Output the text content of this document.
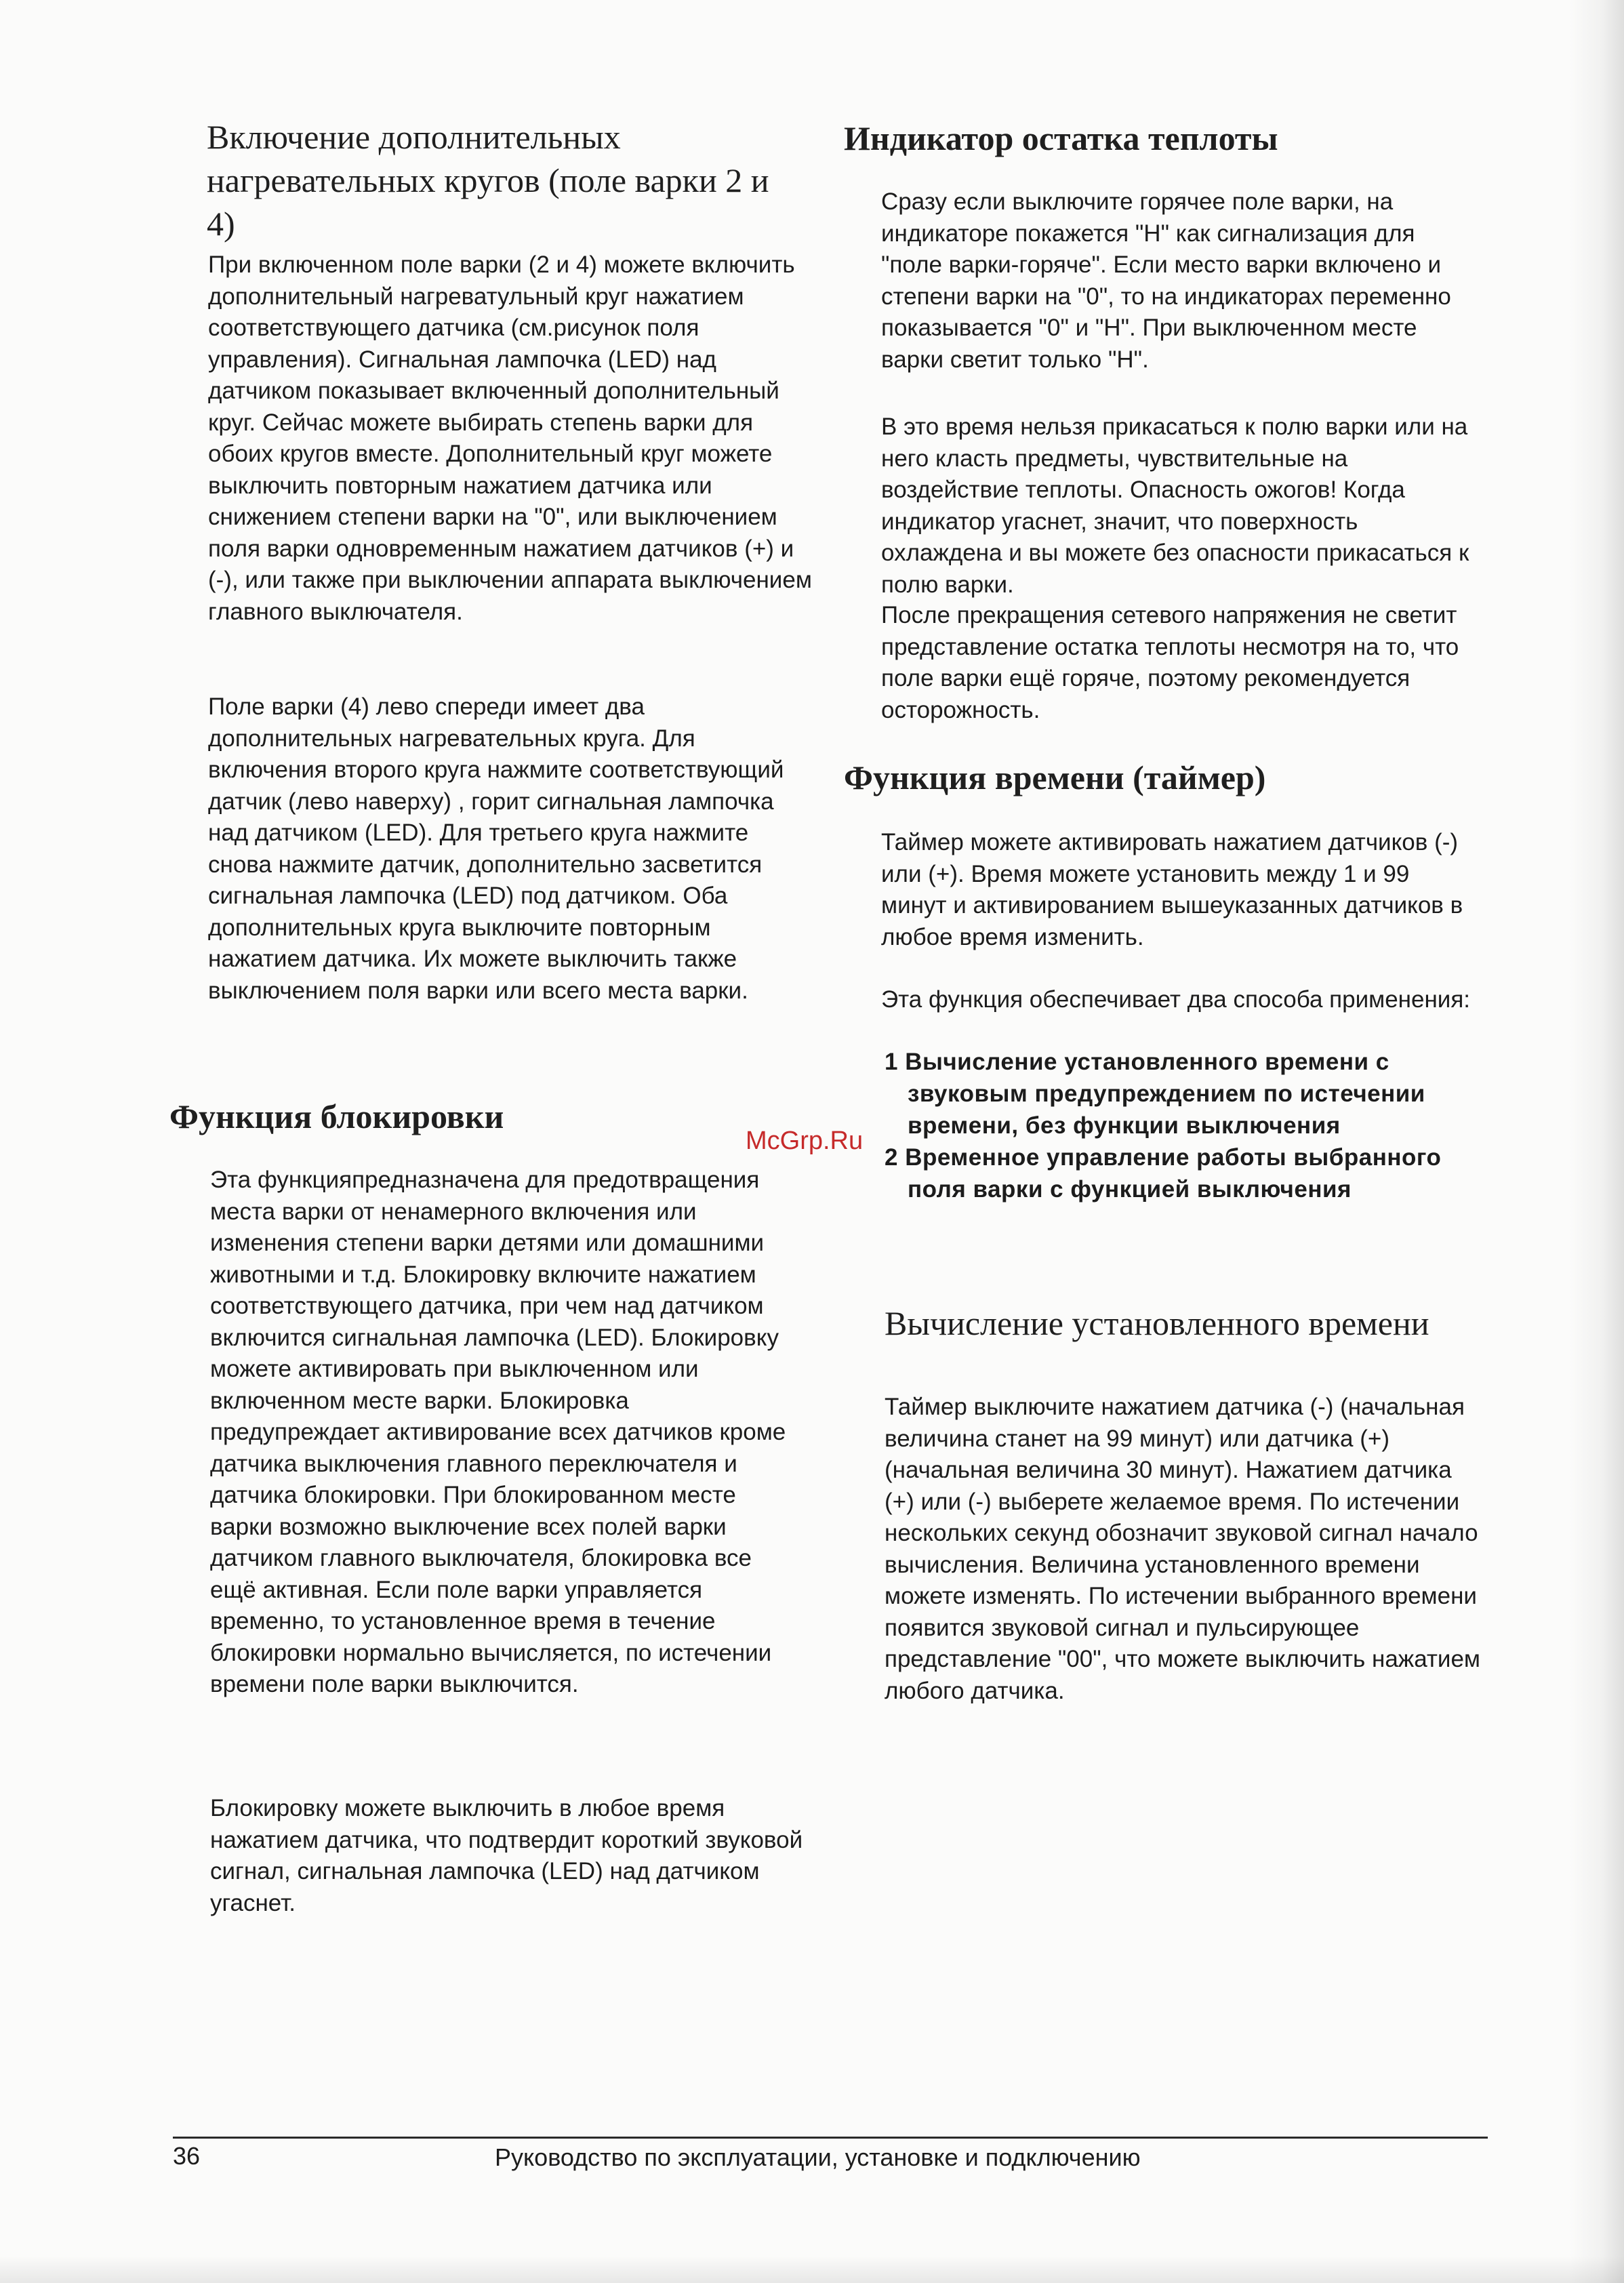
Включение дополнительных нагревательных кругов (поле варки 2 и 4)

При включенном поле варки (2 и 4) можете включить дополнительный нагреватульный круг нажатием соответствующего датчика (см.рисунок поля управления). Сигнальная лампочка (LED) над датчиком показывает включенный дополнительный круг. Сейчас можете выбирать степень варки для обоих кругов вместе. Дополнительный круг можете выключить повторным нажатием датчика или снижением степени варки на "0", или выключением поля варки одновременным нажатием датчиков (+) и (-), или также при выключении аппарата выключением главного выключателя.

Поле варки (4) лево спереди имеет два дополнительных нагревательных круга. Для включения второго круга нажмите соответствующий датчик (лево наверху) , горит сигнальная лампочка над датчиком (LED). Для третьего круга нажмите снова нажмите датчик, дополнительно засветится сигнальная лампочка (LED) под датчиком. Оба дополнительных круга выключите повторным нажатием датчика. Их можете выключить также выключением поля варки или всего места варки.

Функция блокировки

Эта функцияпредназначена для предотвращения места варки от ненамерного включения или изменения степени варки детями или домашними животными и т.д. Блокировку включите нажатием соответствующего датчика, при чем над датчиком включится сигнальная лампочка (LED). Блокировку можете активировать при выключенном или включенном месте варки. Блокировка предупреждает активирование всех датчиков кроме датчика выключения главного переключателя и датчика блокировки. При блокированном месте варки возможно выключение всех полей варки датчиком главного выключателя, блокировка все ещё активная. Если поле варки управляется временно, то установленное время в течение блокировки нормально вычисляется, по истечении времени поле варки выключится.

Блокировку можете выключить в любое время нажатием датчика, что подтвердит короткий звуковой сигнал, сигнальная лампочка (LED) над датчиком угаснет.

Индикатор остатка теплоты

Сразу если выключите горячее поле варки, на индикаторе покажется "H" как сигнализация для "поле варки-горяче". Если место варки включено и степени варки на "0", то на индикаторах переменно показывается "0" и "H". При выключенном месте варки светит только "H".

В это время нельзя прикасаться к полю варки или на него класть предметы, чувствительные на воздействие теплоты. Опасность ожогов! Когда индикатор угаснет, значит, что поверхность охлаждена и вы можете без опасности прикасаться к полю варки.

После прекращения сетевого напряжения не светит представление остатка теплоты несмотря на то, что поле варки ещё горяче, поэтому рекомендуется осторожность.

Функция времени (таймер)

Таймер можете активировать нажатием датчиков (-) или (+). Время можете установить между 1 и 99 минут и активированием вышеуказанных датчиков в любое время изменить.

Эта функция обеспечивает два способа применения:

1 Вычисление установленного времени с звуковым предупреждением по истечении времени, без функции выключения
2 Временное управление работы выбранного поля варки с функцией выключения
Вычисление установленного времени

Таймер выключите нажатием датчика (-) (начальная величина станет на 99 минут) или датчика (+) (начальная величина 30 минут). Нажатием датчика (+) или (-) выберете желаемое время. По истечении нескольких секунд обозначит звуковой сигнал начало вычисления. Величина установленного времени можете изменять. По истечении выбранного времени появится звуковой сигнал и пульсирующее представление "00", что можете выключить нажатием любого датчика.

McGrp.Ru
36	Руководство по эксплуатации, установке и подключению
